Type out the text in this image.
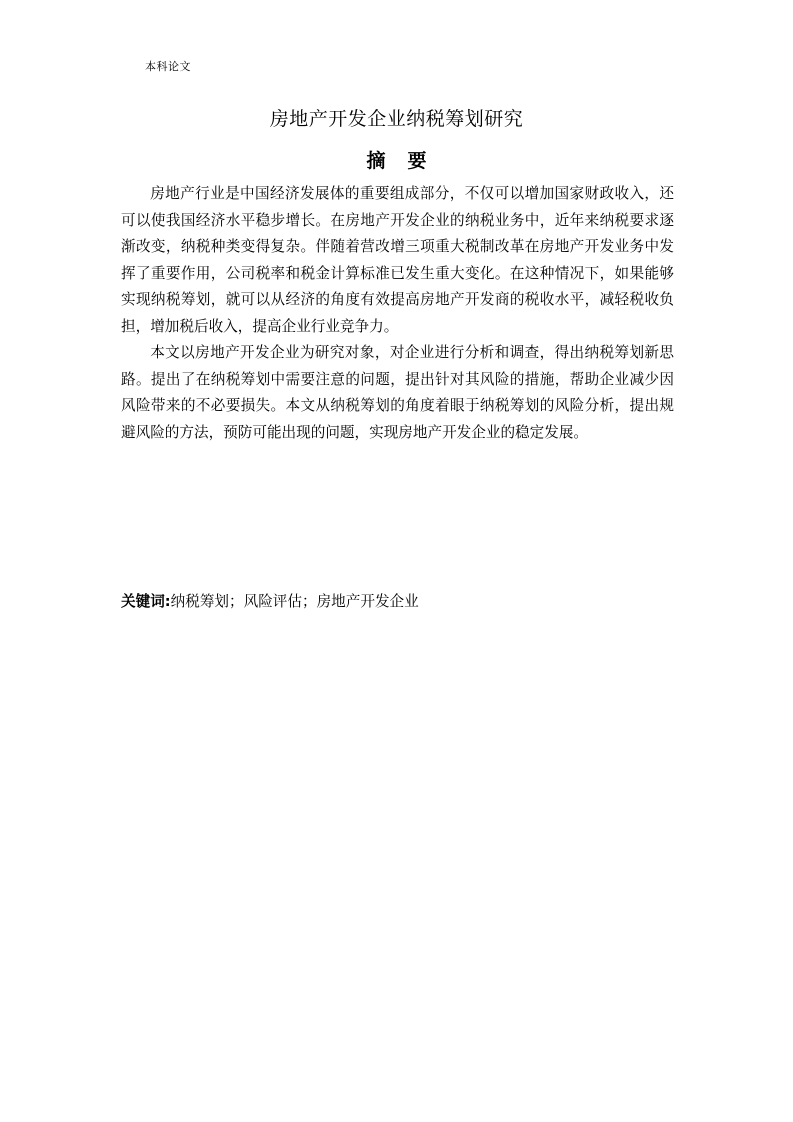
本科论文
房地产开发企业纳税筹划研究
摘要

房地产行业是中国经济发展体的重要组成部分，不仅可以增加国家财政收入，还可以使我国经济水平稳步增长。在房地产开发企业的纳税业务中，近年来纳税要求逐渐改变，纳税种类变得复杂。伴随着营改增三项重大税制改革在房地产开发业务中发挥了重要作用，公司税率和税金计算标准已发生重大变化。在这种情况下，如果能够实现纳税筹划，就可以从经济的角度有效提高房地产开发商的税收水平，减轻税收负担，增加税后收入，提高企业行业竞争力。

本文以房地产开发企业为研究对象，对企业进行分析和调查，得出纳税筹划新思路。提出了在纳税筹划中需要注意的问题，提出针对其风险的措施，帮助企业减少因风险带来的不必要损失。本文从纳税筹划的角度着眼于纳税筹划的风险分析，提出规避风险的方法，预防可能出现的问题，实现房地产开发企业的稳定发展。

关键词:纳税筹划；风险评估；房地产开发企业
